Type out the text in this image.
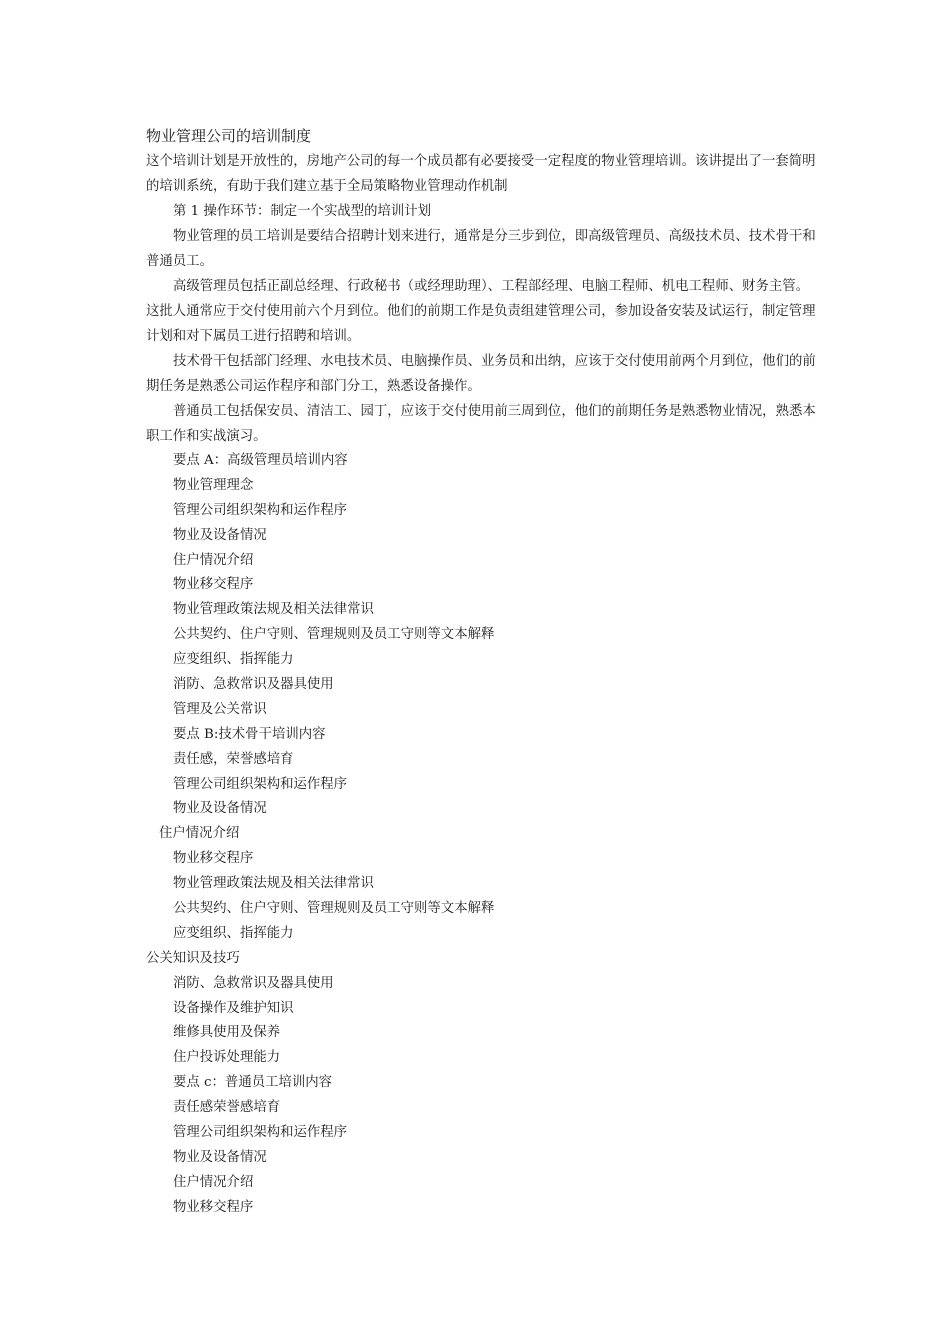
物业管理公司的培训制度

这个培训计划是开放性的，房地产公司的每一个成员都有必要接受一定程度的物业管理培训。该讲提出了一套简明的培训系统，有助于我们建立基于全局策略物业管理动作机制

第 1 操作环节：制定一个实战型的培训计划

物业管理的员工培训是要结合招聘计划来进行，通常是分三步到位，即高级管理员、高级技术员、技术骨干和普通员工。

高级管理员包括正副总经理、行政秘书（或经理助理）、工程部经理、电脑工程师、机电工程师、财务主管。这批人通常应于交付使用前六个月到位。他们的前期工作是负责组建管理公司，参加设备安装及试运行，制定管理计划和对下属员工进行招聘和培训。

技术骨干包括部门经理、水电技术员、电脑操作员、业务员和出纳，应该于交付使用前两个月到位，他们的前期任务是熟悉公司运作程序和部门分工，熟悉设备操作。

普通员工包括保安员、清洁工、园丁，应该于交付使用前三周到位，他们的前期任务是熟悉物业情况，熟悉本职工作和实战演习。

要点 A：高级管理员培训内容
物业管理理念
管理公司组织架构和运作程序
物业及设备情况
住户情况介绍
物业移交程序
物业管理政策法规及相关法律常识
公共契约、住户守则、管理规则及员工守则等文本解释
应变组织、指挥能力
消防、急救常识及器具使用
管理及公关常识
要点 B:技术骨干培训内容
责任感，荣誉感培育
管理公司组织架构和运作程序
物业及设备情况
住户情况介绍
物业移交程序
物业管理政策法规及相关法律常识
公共契约、住户守则、管理规则及员工守则等文本解释
应变组织、指挥能力
公关知识及技巧
消防、急救常识及器具使用
设备操作及维护知识
维修具使用及保养
住户投诉处理能力
要点 c：普通员工培训内容
责任感荣誉感培育
管理公司组织架构和运作程序
物业及设备情况
住户情况介绍
物业移交程序
